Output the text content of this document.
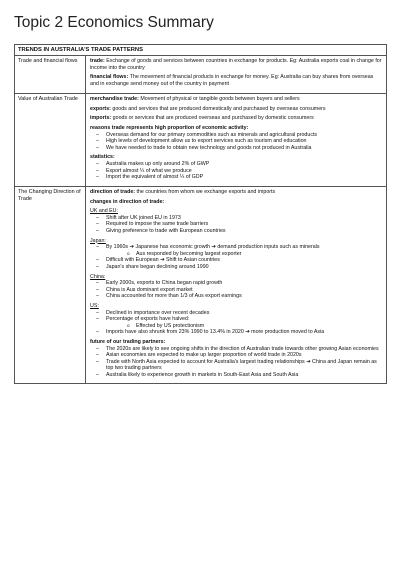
Topic 2 Economics Summary
TRENDS IN AUSTRALIA'S TRADE PATTERNS
Trade and financial flows	trade: Exchange of goods and services between countries in exchange for products. Eg: Australia exports coal in change for income into the country

financial flows: The movement of financial products in exchange for money. Eg: Australia can buy shares from overseas and in exchange send money out of the country in payment

Value of Australian Trade	merchandise trade: Movement of physical or tangible goods between buyers and sellers

exports: goods and services that are produced domestically and purchased by overseas consumers

imports: goods or services that are produced overseas and purchased by domestic consumers

reasons trade represents high proportion of economic activity:
– Overseas demand for our primary commodities such as minerals and agricultural products
– High levels of development allow us to export services such as tourism and education
– We have needed to trade to obtain new technology and goods not produced in Australia
statistics:
– Australia makes up only around 2% of GWP
– Export almost ¼ of what we produce
– Import the equivalent of almost ¼ of GDP
The Changing Direction of Trade

direction of trade: the countries from whom we exchange exports and imports

changes in direction of trade:
UK and EU:
– Shift after UK joined EU in 1973
– Required to impose the same trade barriers
– Giving preference to trade with European countries
Japan:
– By 1960s ➔ Japanese has economic growth ➔ demand production inputs such as minerals
o Aus responded by becoming largest exporter
– Difficult with European ➔ Shift to Asian countries
– Japan's share began declining around 1990
China:
– Early 2000s, exports to China began rapid growth
– China is Aus dominant export market
– China accounted for more than 1/3 of Aus export earnings
US:
– Declined in importance over recent decades
– Percentage of exports have halved:
o Effected by US protectionism
– Imports have also shrunk from 23% 1990 to 13.4% in 2020 ➔ more production moved to Asia
future of our trading partners:
– The 2020s are likely to see ongoing shifts in the direction of Australian trade towards other growing Asian economies
– Asian economies are expected to make up larger proportion of world trade in 2020s
– Trade with North Asia expected to account for Australia's largest trading relationships ➔ China and Japan remain as top two trading partners
– Australia likely to experience growth in markets in South-East Asia and South Asia
